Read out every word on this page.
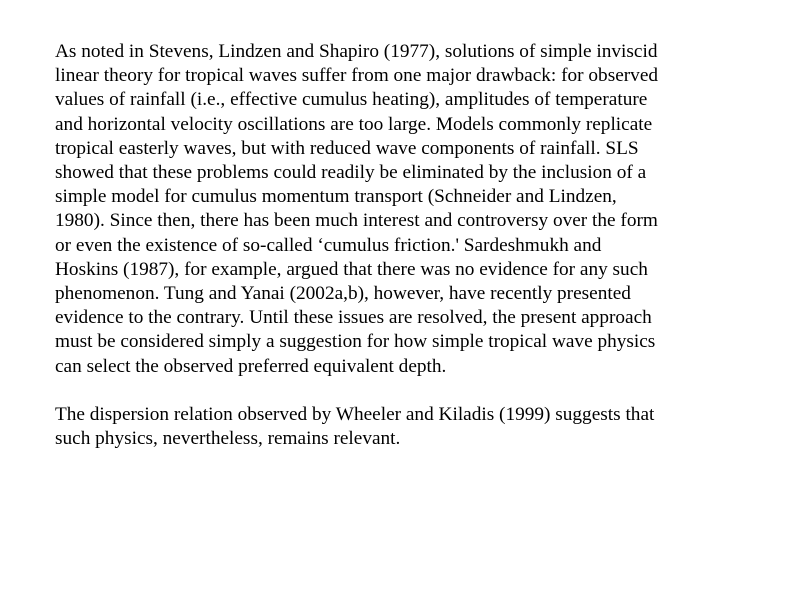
As noted in Stevens, Lindzen and Shapiro (1977), solutions of simple inviscid
linear theory for tropical waves suffer from one major drawback: for observed
values of rainfall (i.e., effective cumulus heating), amplitudes of temperature
and horizontal velocity oscillations are too large. Models commonly replicate
tropical easterly waves, but with reduced wave components of rainfall. SLS
showed that these problems could readily be eliminated by the inclusion of a
simple model for cumulus momentum transport (Schneider and Lindzen,
1980). Since then, there has been much interest and controversy over the form
or even the existence of so-called ‘cumulus friction.' Sardeshmukh and
Hoskins (1987), for example, argued that there was no evidence for any such
phenomenon. Tung and Yanai (2002a,b), however, have recently presented
evidence to the contrary. Until these issues are resolved, the present approach
must be considered simply a suggestion for how simple tropical wave physics
can select the observed preferred equivalent depth.

The dispersion relation observed by Wheeler and Kiladis (1999) suggests that
such physics, nevertheless, remains relevant.
